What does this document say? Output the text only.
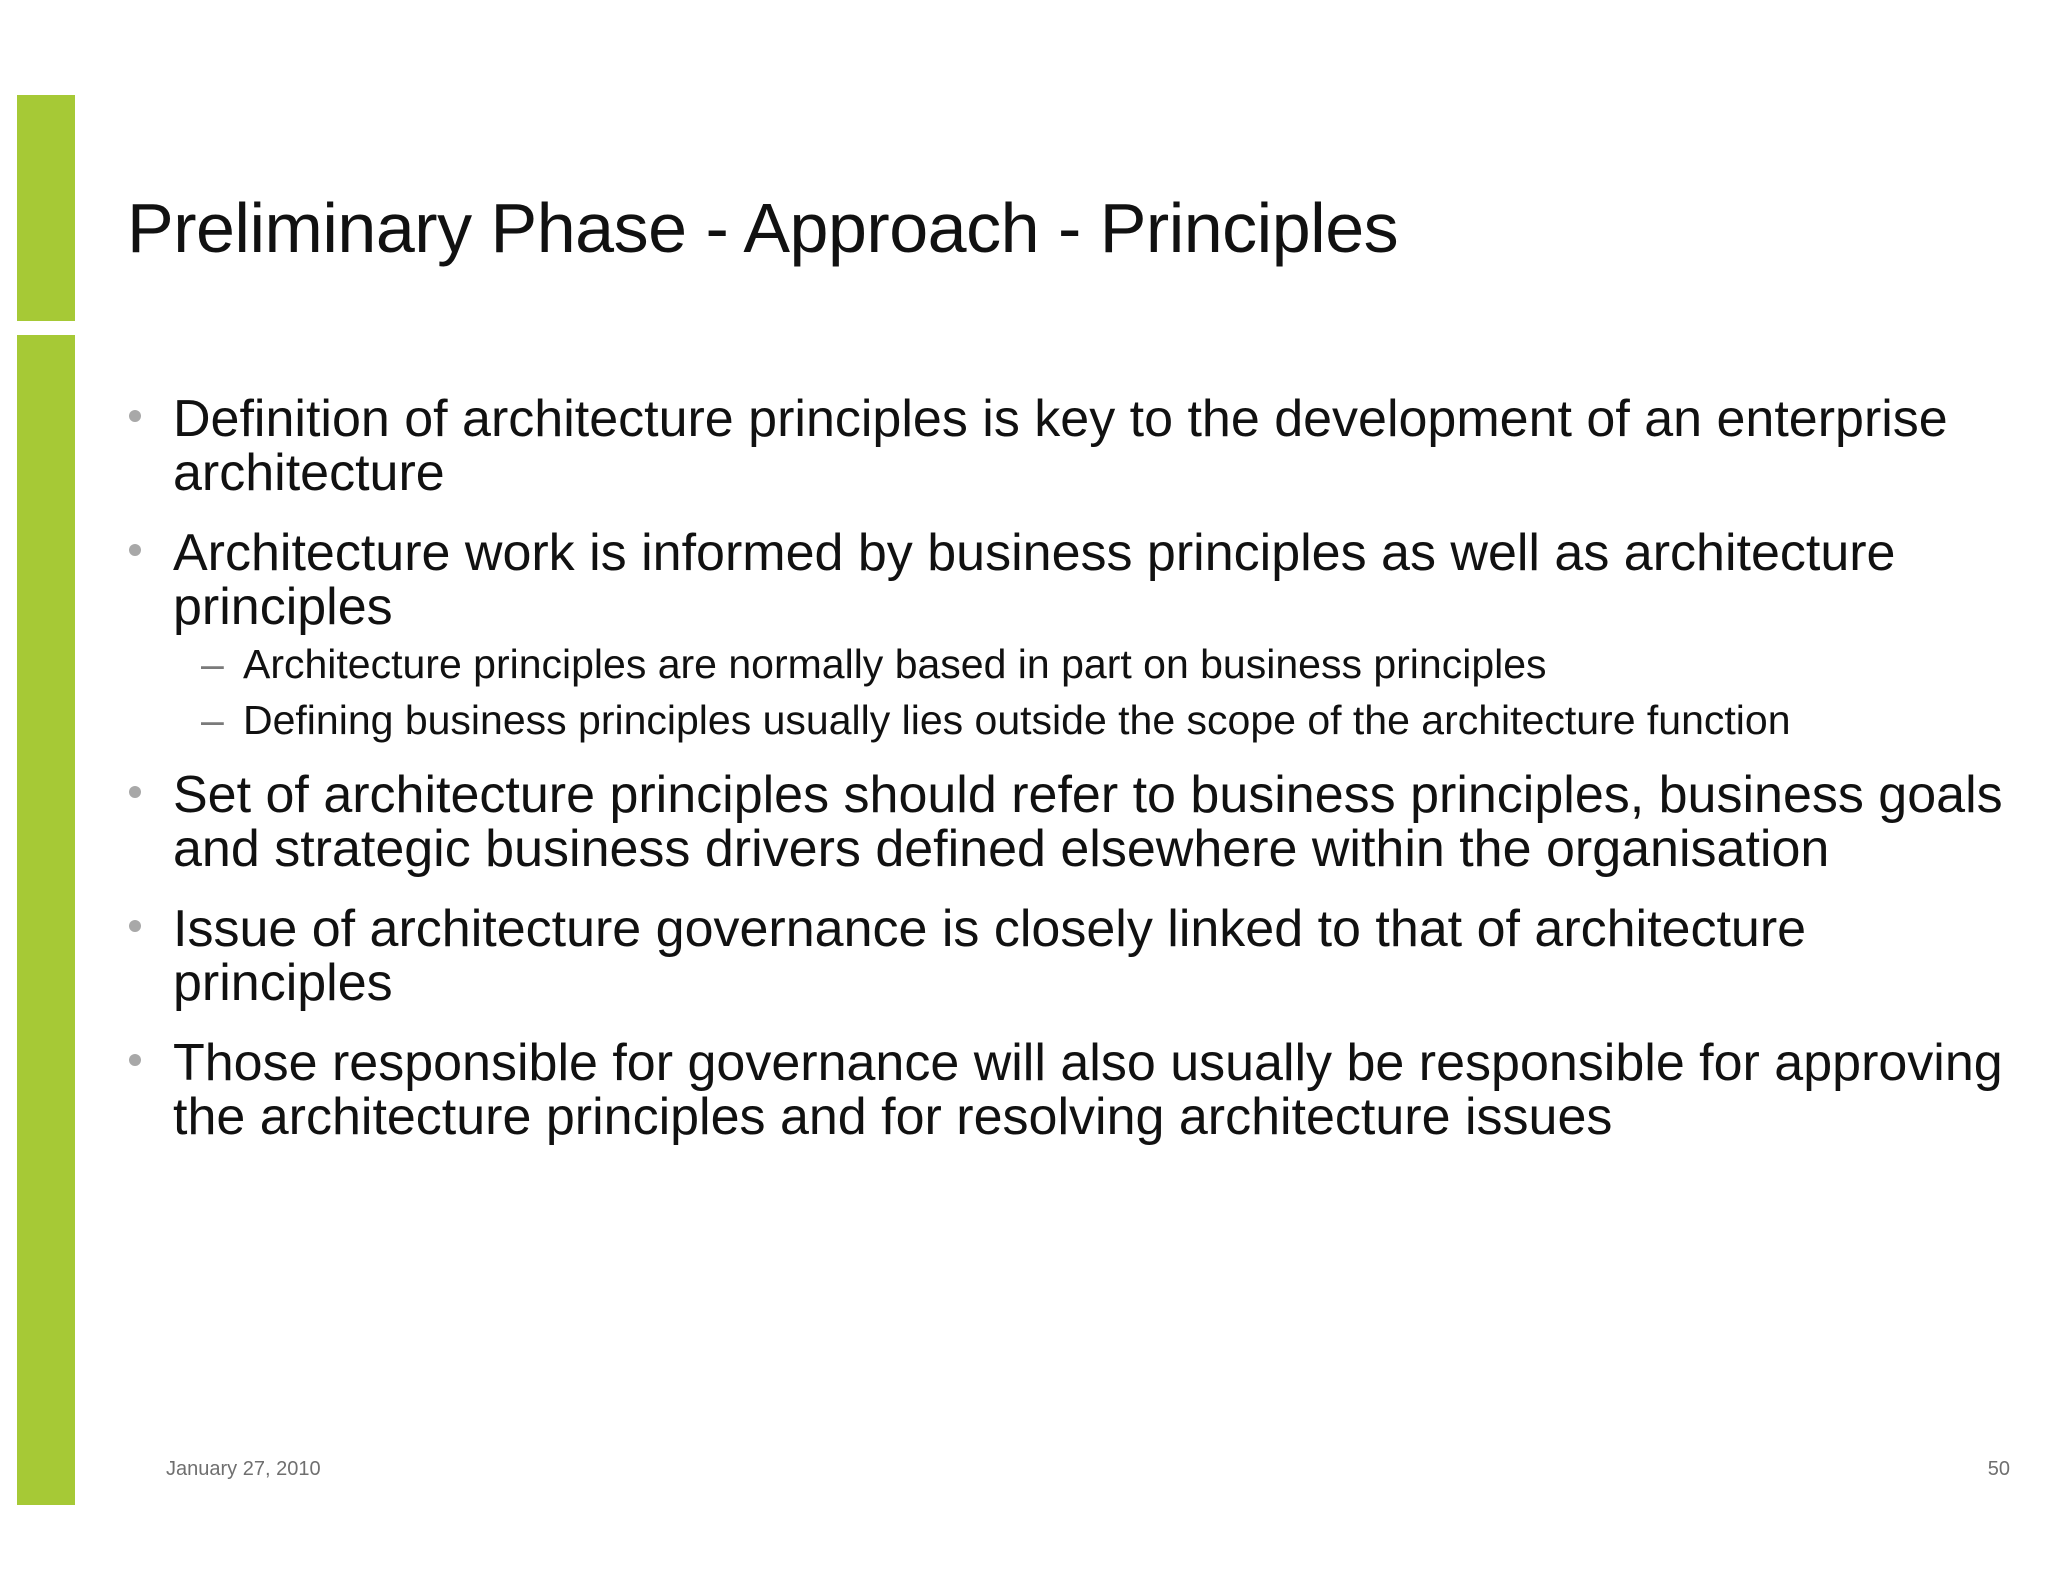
Preliminary Phase - Approach - Principles
Definition of architecture principles is key to the development of an enterprise architecture
Architecture work is informed by business principles as well as architecture principles
– Architecture principles are normally based in part on business principles
– Defining business principles usually lies outside the scope of the architecture function
Set of architecture principles should refer to business principles, business goals and strategic business drivers defined elsewhere within the organisation
Issue of architecture governance is closely linked to that of architecture principles
Those responsible for governance will also usually be responsible for approving the architecture principles and for resolving architecture issues
January 27, 2010	50
